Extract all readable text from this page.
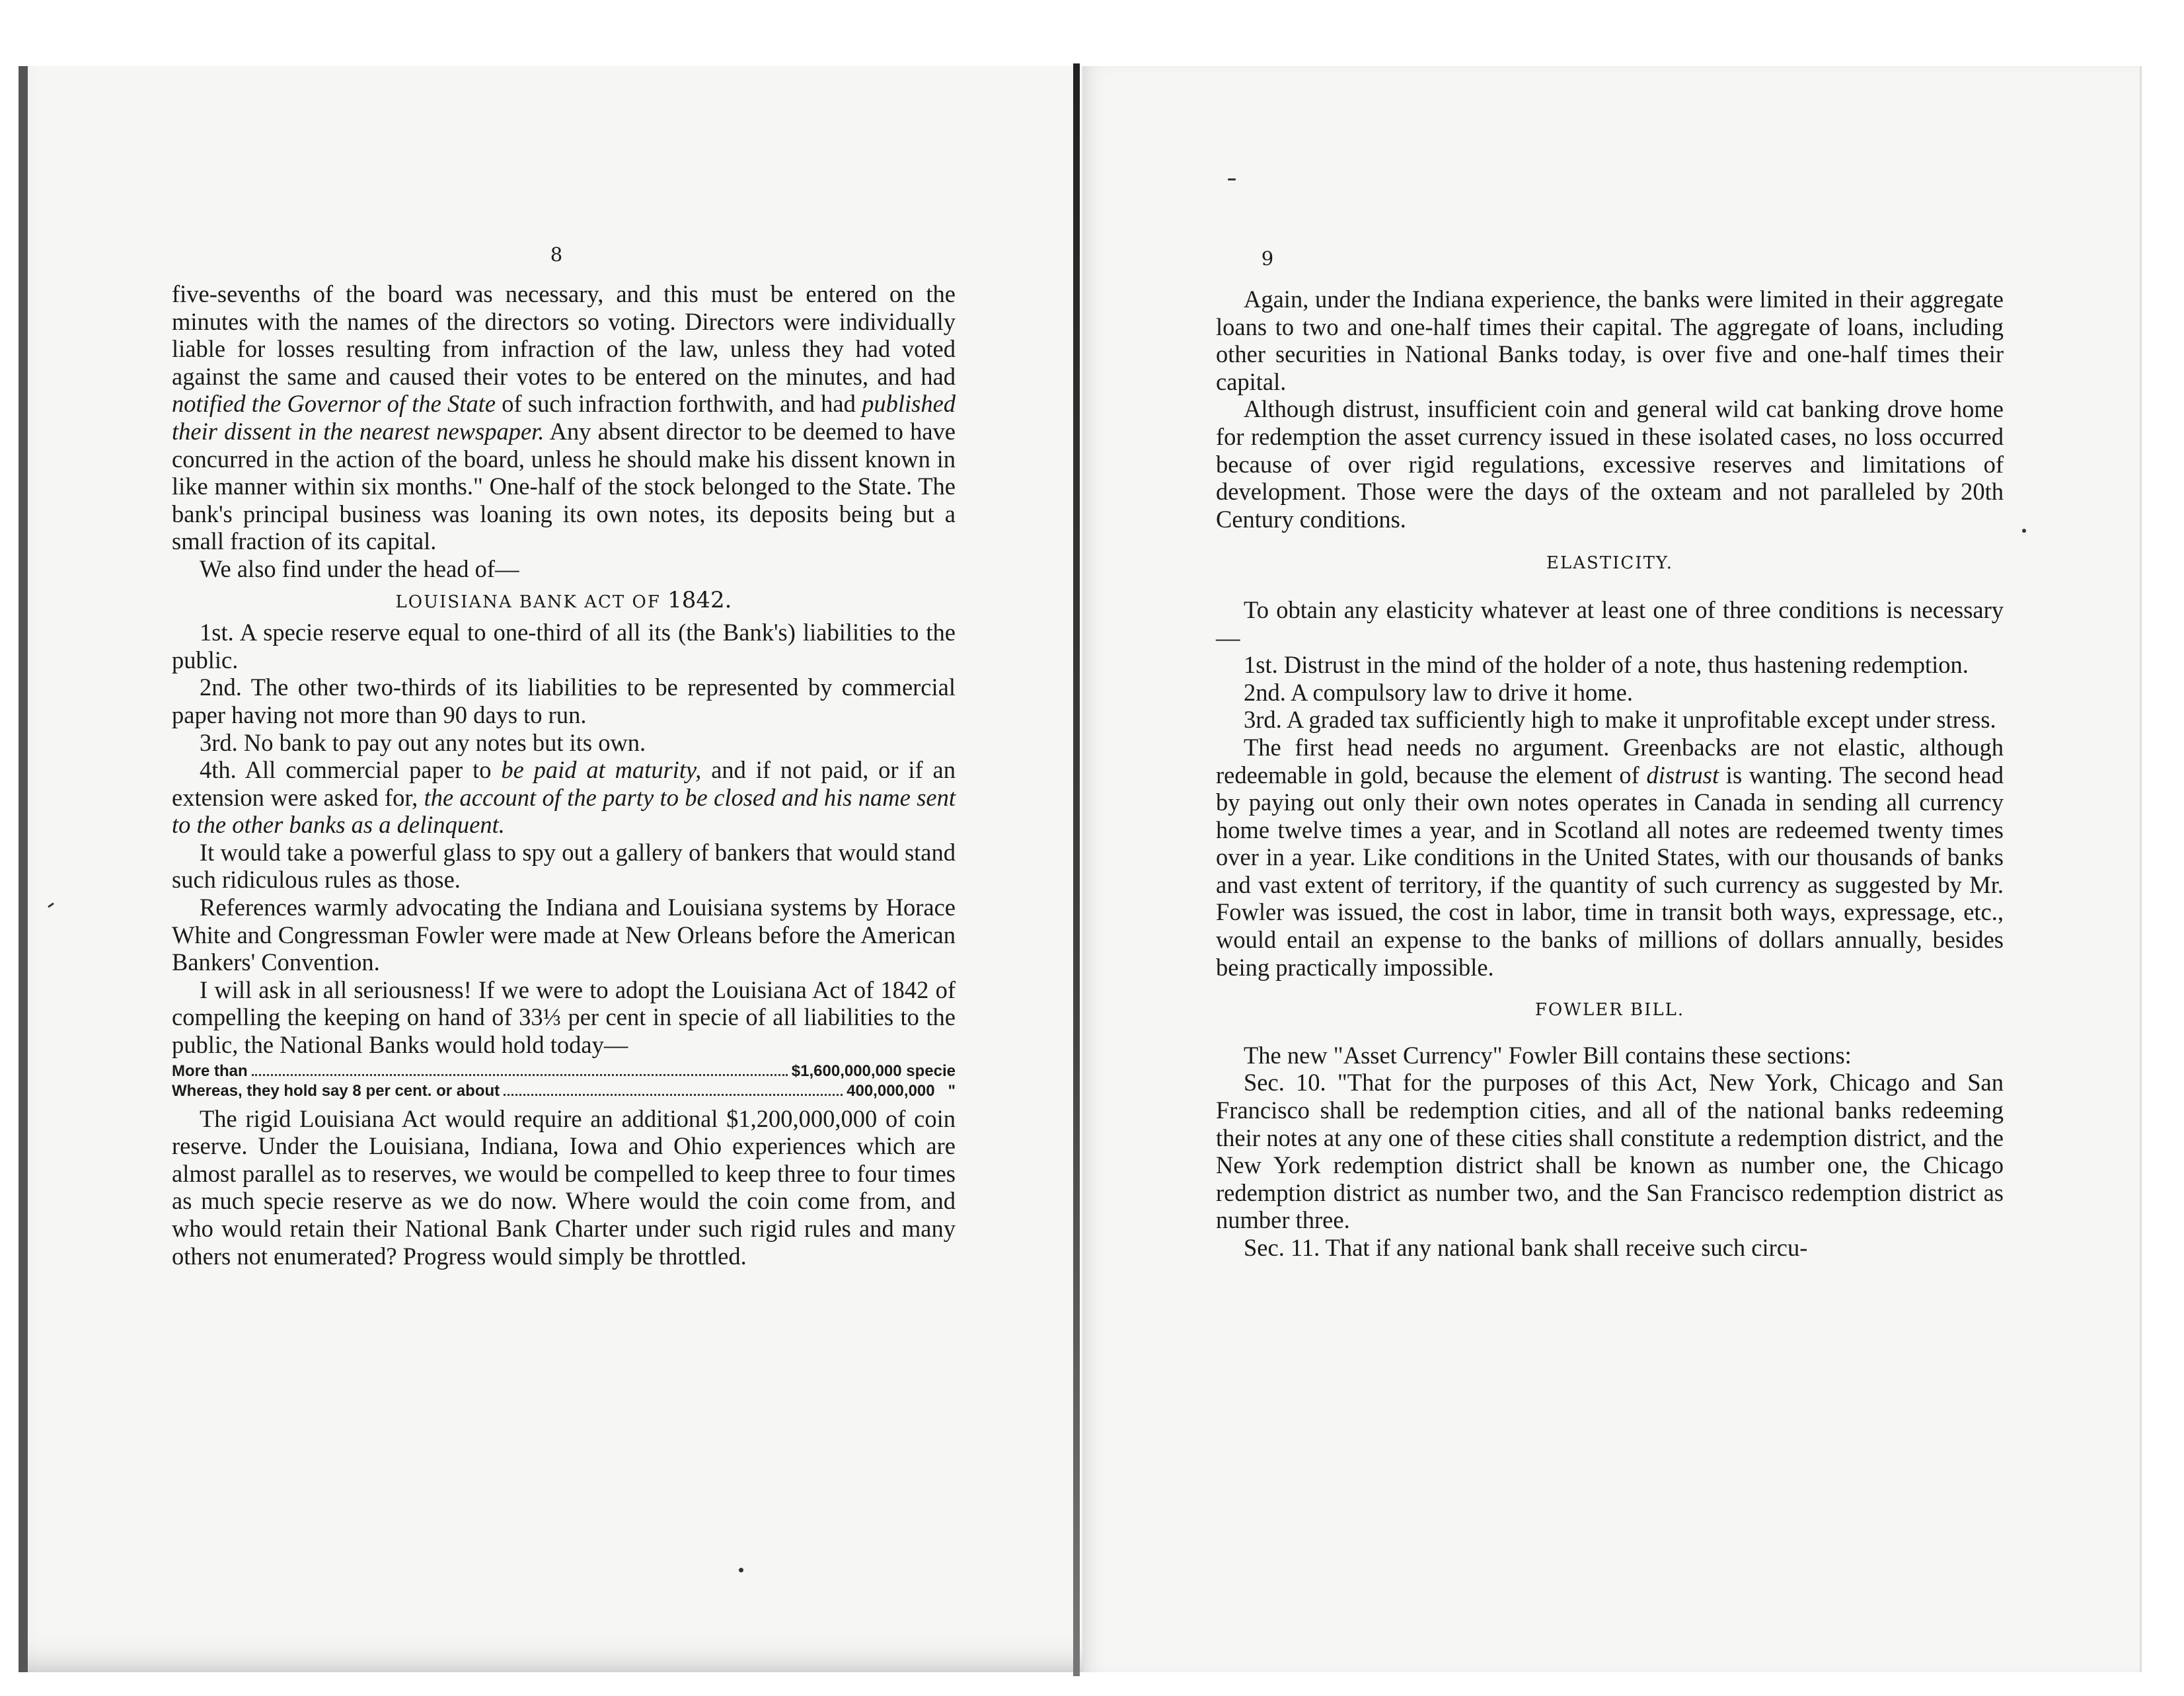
8

five-sevenths of the board was necessary, and this must be entered on the minutes with the names of the directors so voting. Directors were individually liable for losses resulting from infraction of the law, unless they had voted against the same and caused their votes to be entered on the minutes, and had notified the Governor of the State of such infraction forthwith, and had published their dissent in the nearest newspaper. Any absent director to be deemed to have concurred in the action of the board, unless he should make his dissent known in like manner within six months." One-half of the stock belonged to the State. The bank's principal business was loaning its own notes, its deposits being but a small fraction of its capital.

We also find under the head of—

LOUISIANA BANK ACT OF 1842.

1st. A specie reserve equal to one-third of all its (the Bank's) liabilities to the public.

2nd. The other two-thirds of its liabilities to be represented by commercial paper having not more than 90 days to run.

3rd. No bank to pay out any notes but its own.

4th. All commercial paper to be paid at maturity, and if not paid, or if an extension were asked for, the account of the party to be closed and his name sent to the other banks as a delinquent.

It would take a powerful glass to spy out a gallery of bankers that would stand such ridiculous rules as those.

References warmly advocating the Indiana and Louisiana systems by Horace White and Congressman Fowler were made at New Orleans before the American Bankers' Convention.

I will ask in all seriousness! If we were to adopt the Louisiana Act of 1842 of compelling the keeping on hand of 33⅓ per cent in specie of all liabilities to the public, the National Banks would hold today—

More than	$1,600,000,000 specie
Whereas, they hold say 8 per cent. or about	400,000,000   "

The rigid Louisiana Act would require an additional $1,200,000,000 of coin reserve. Under the Louisiana, Indiana, Iowa and Ohio experiences which are almost parallel as to reserves, we would be compelled to keep three to four times as much specie reserve as we do now. Where would the coin come from, and who would retain their National Bank Charter under such rigid rules and many others not enumerated? Progress would simply be throttled.

9

Again, under the Indiana experience, the banks were limited in their aggregate loans to two and one-half times their capital. The aggregate of loans, including other securities in National Banks today, is over five and one-half times their capital.

Although distrust, insufficient coin and general wild cat banking drove home for redemption the asset currency issued in these isolated cases, no loss occurred because of over rigid regulations, excessive reserves and limitations of development. Those were the days of the oxteam and not paralleled by 20th Century conditions.

ELASTICITY.

To obtain any elasticity whatever at least one of three conditions is necessary—

1st. Distrust in the mind of the holder of a note, thus hastening redemption.

2nd. A compulsory law to drive it home.

3rd. A graded tax sufficiently high to make it unprofitable except under stress.

The first head needs no argument. Greenbacks are not elastic, although redeemable in gold, because the element of distrust is wanting. The second head by paying out only their own notes operates in Canada in sending all currency home twelve times a year, and in Scotland all notes are redeemed twenty times over in a year. Like conditions in the United States, with our thousands of banks and vast extent of territory, if the quantity of such currency as suggested by Mr. Fowler was issued, the cost in labor, time in transit both ways, expressage, etc., would entail an expense to the banks of millions of dollars annually, besides being practically impossible.

FOWLER BILL.

The new "Asset Currency" Fowler Bill contains these sections:

Sec. 10. "That for the purposes of this Act, New York, Chicago and San Francisco shall be redemption cities, and all of the national banks redeeming their notes at any one of these cities shall constitute a redemption district, and the New York redemption district shall be known as number one, the Chicago redemption district as number two, and the San Francisco redemption district as number three.

Sec. 11. That if any national bank shall receive such circu-
